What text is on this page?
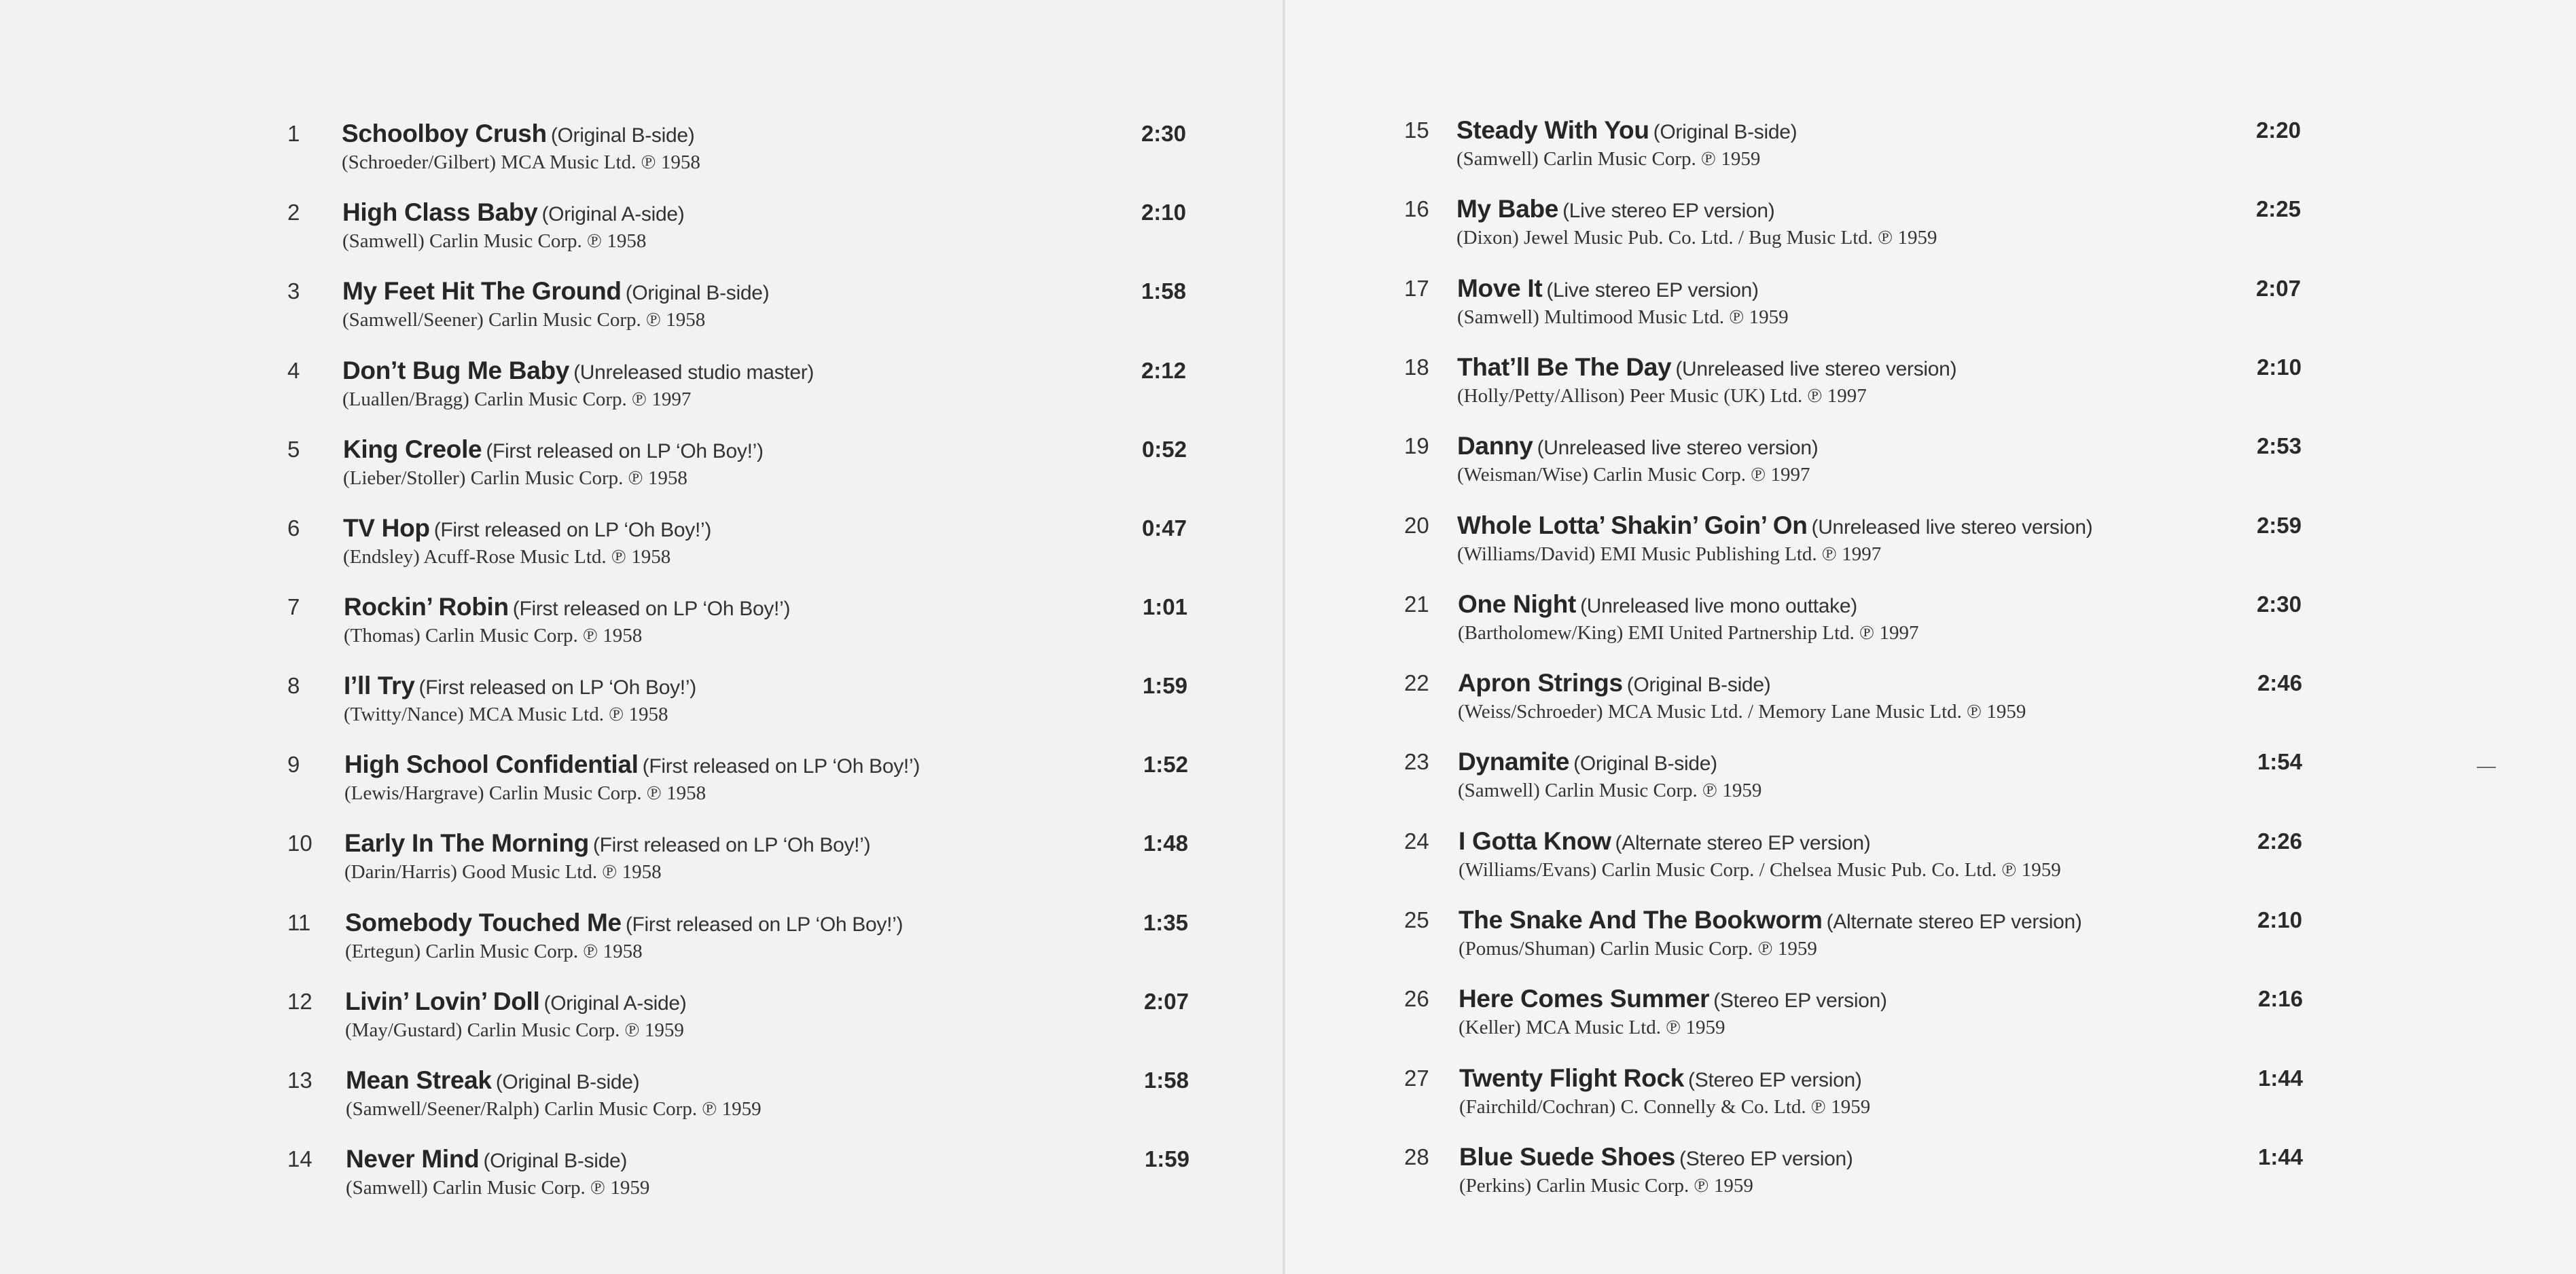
1 Schoolboy Crush (Original B-side)
(Schroeder/Gilbert) MCA Music Ltd. ℗ 1958
2:30
2 High Class Baby (Original A-side)
(Samwell) Carlin Music Corp. ℗ 1958
2:10
3 My Feet Hit The Ground (Original B-side)
(Samwell/Seener) Carlin Music Corp. ℗ 1958
1:58
4 Don’t Bug Me Baby (Unreleased studio master)
(Luallen/Bragg) Carlin Music Corp. ℗ 1997
2:12
5 King Creole (First released on LP ‘Oh Boy!’)
(Lieber/Stoller) Carlin Music Corp. ℗ 1958
0:52
6 TV Hop (First released on LP ‘Oh Boy!’)
(Endsley) Acuff-Rose Music Ltd. ℗ 1958
0:47
7 Rockin’ Robin (First released on LP ‘Oh Boy!’)
(Thomas) Carlin Music Corp. ℗ 1958
1:01
8 I’ll Try (First released on LP ‘Oh Boy!’)
(Twitty/Nance) MCA Music Ltd. ℗ 1958
1:59
9 High School Confidential (First released on LP ‘Oh Boy!’)
(Lewis/Hargrave) Carlin Music Corp. ℗ 1958
1:52
10 Early In The Morning (First released on LP ‘Oh Boy!’)
(Darin/Harris) Good Music Ltd. ℗ 1958
1:48
11 Somebody Touched Me (First released on LP ‘Oh Boy!’)
(Ertegun) Carlin Music Corp. ℗ 1958
1:35
12 Livin’ Lovin’ Doll (Original A-side)
(May/Gustard) Carlin Music Corp. ℗ 1959
2:07
13 Mean Streak (Original B-side)
(Samwell/Seener/Ralph) Carlin Music Corp. ℗ 1959
1:58
14 Never Mind (Original B-side)
(Samwell) Carlin Music Corp. ℗ 1959
1:59
15 Steady With You (Original B-side)
(Samwell) Carlin Music Corp. ℗ 1959
2:20
16 My Babe (Live stereo EP version)
(Dixon) Jewel Music Pub. Co. Ltd. / Bug Music Ltd. ℗ 1959
2:25
17 Move It (Live stereo EP version)
(Samwell) Multimood Music Ltd. ℗ 1959
2:07
18 That’ll Be The Day (Unreleased live stereo version)
(Holly/Petty/Allison) Peer Music (UK) Ltd. ℗ 1997
2:10
19 Danny (Unreleased live stereo version)
(Weisman/Wise) Carlin Music Corp. ℗ 1997
2:53
20 Whole Lotta’ Shakin’ Goin’ On (Unreleased live stereo version)
(Williams/David) EMI Music Publishing Ltd. ℗ 1997
2:59
21 One Night (Unreleased live mono outtake)
(Bartholomew/King) EMI United Partnership Ltd. ℗ 1997
2:30
22 Apron Strings (Original B-side)
(Weiss/Schroeder) MCA Music Ltd. / Memory Lane Music Ltd. ℗ 1959
2:46
23 Dynamite (Original B-side)
(Samwell) Carlin Music Corp. ℗ 1959
1:54
24 I Gotta Know (Alternate stereo EP version)
(Williams/Evans) Carlin Music Corp. / Chelsea Music Pub. Co. Ltd. ℗ 1959
2:26
25 The Snake And The Bookworm (Alternate stereo EP version)
(Pomus/Shuman) Carlin Music Corp. ℗ 1959
2:10
26 Here Comes Summer (Stereo EP version)
(Keller) MCA Music Ltd. ℗ 1959
2:16
27 Twenty Flight Rock (Stereo EP version)
(Fairchild/Cochran) C. Connelly & Co. Ltd. ℗ 1959
1:44
28 Blue Suede Shoes (Stereo EP version)
(Perkins) Carlin Music Corp. ℗ 1959
1:44
